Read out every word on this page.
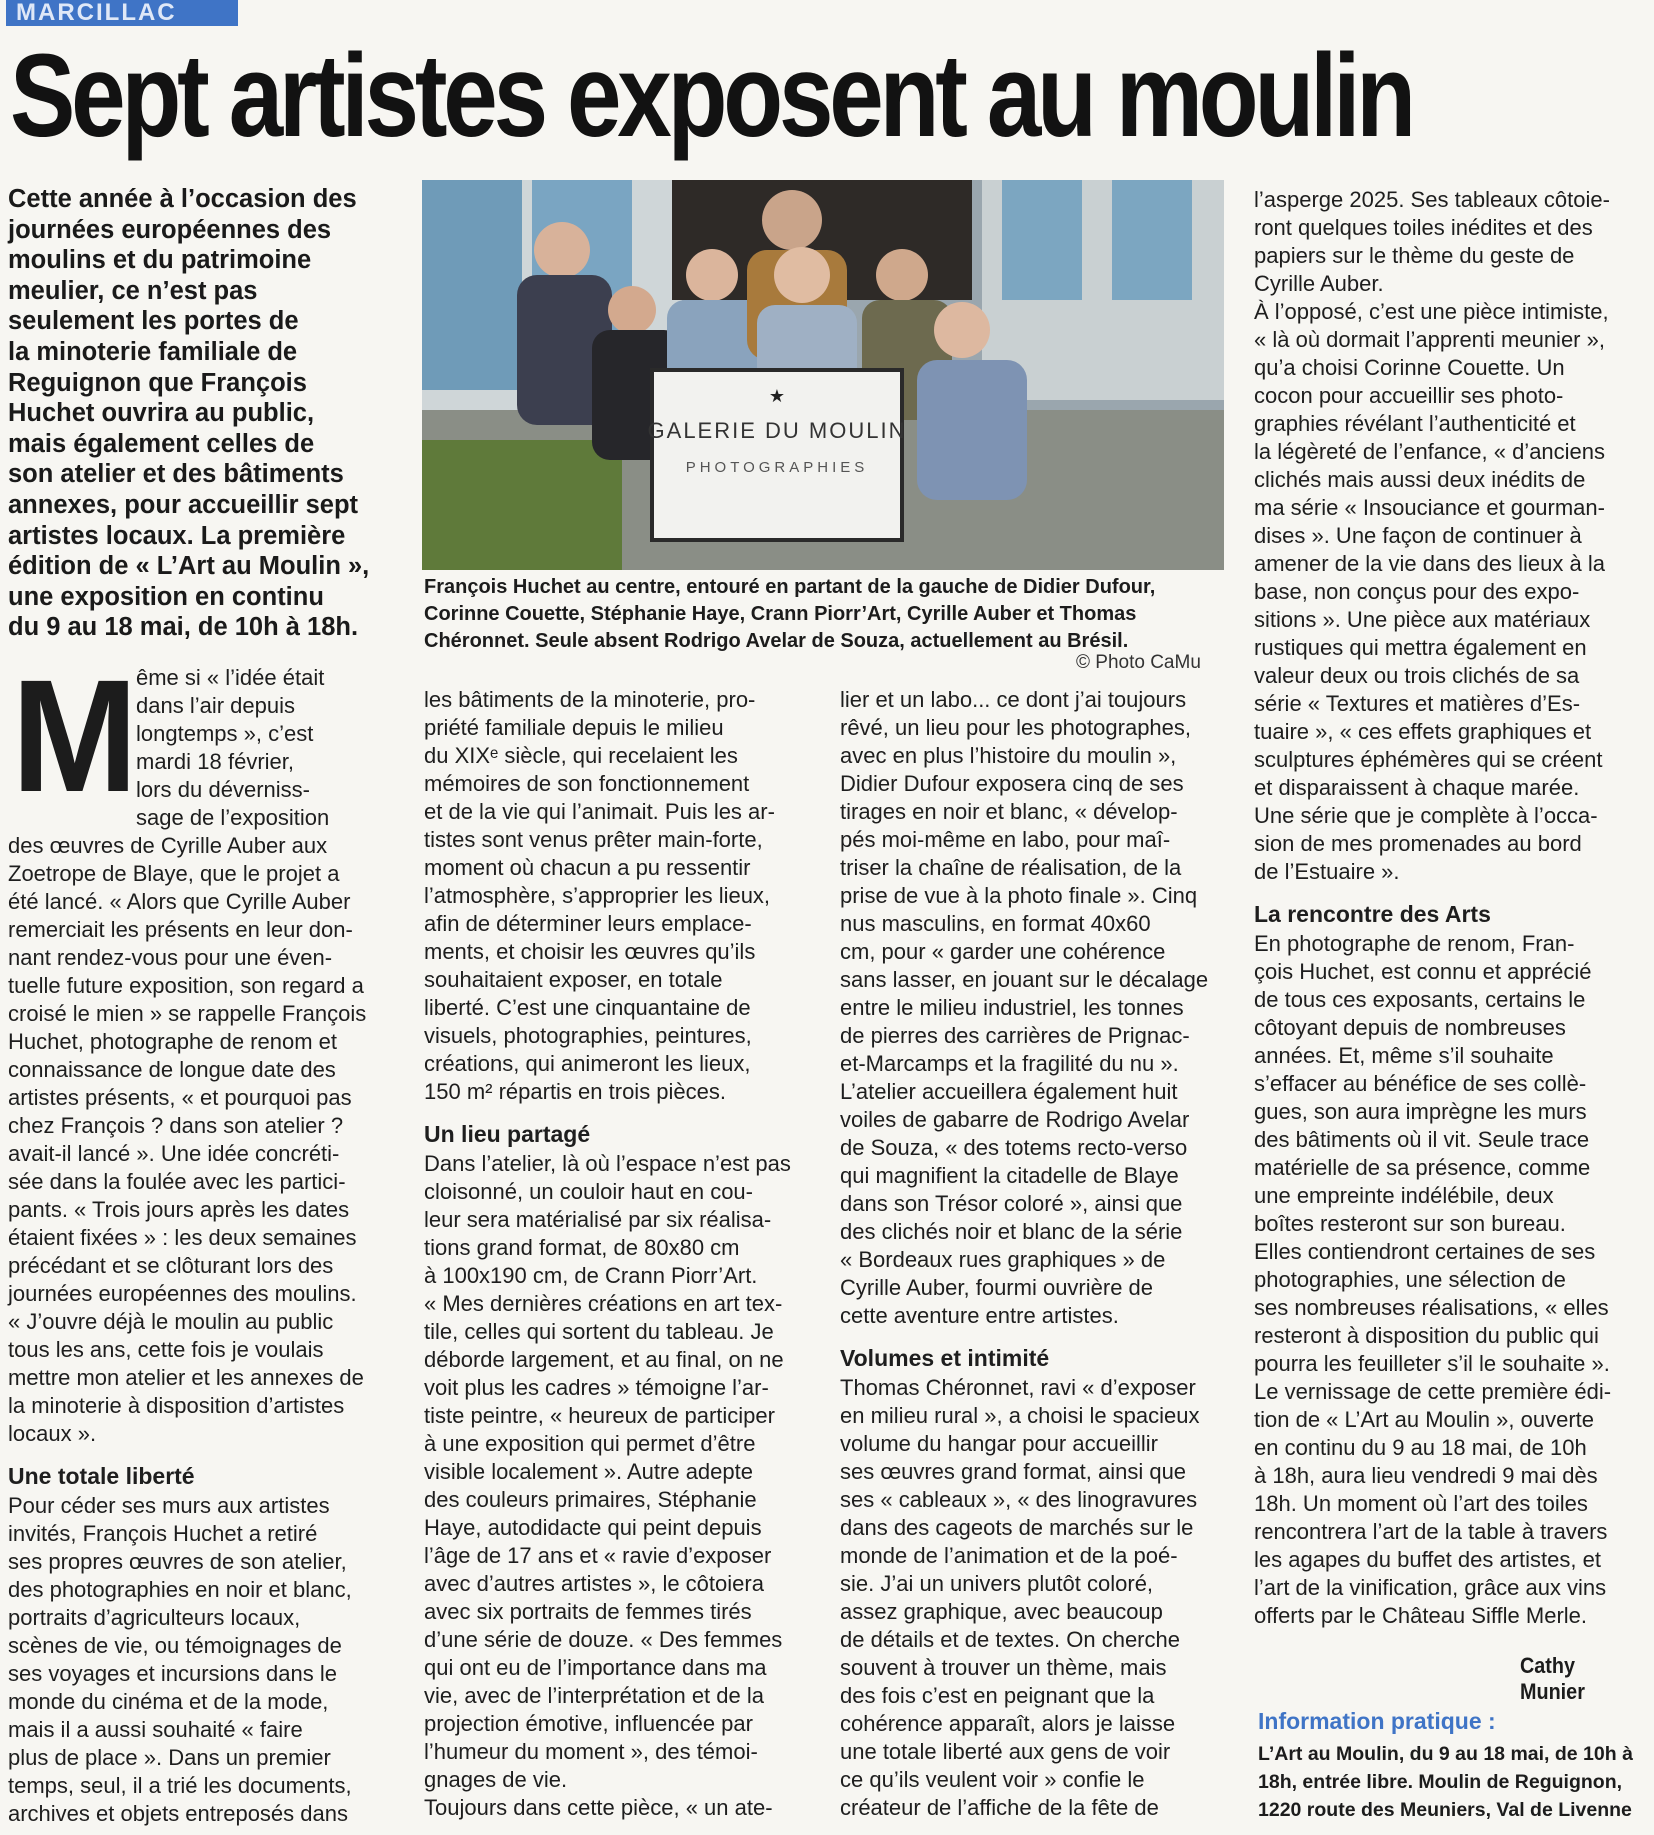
MARCILLAC
Sept artistes exposent au moulin
Cette année à l’occasion des
journées européennes des
moulins et du patrimoine
meulier, ce n’est pas
seulement les portes de
la minoterie familiale de
Reguignon que François
Huchet ouvrira au public,
mais également celles de
son atelier et des bâtiments
annexes, pour accueillir sept
artistes locaux. La première
édition de « L’Art au Moulin »,
une exposition en continu
du 9 au 18 mai, de 10h à 18h.
★
GALERIE DU MOULIN
PHOTOGRAPHIES
François Huchet au centre, entouré en partant de la gauche de Didier Dufour,
Corinne Couette, Stéphanie Haye, Crann Piorr’Art, Cyrille Auber et Thomas
Chéronnet. Seule absent Rodrigo Avelar de Souza, actuellement au Brésil.
© Photo CaMu
M
ême si « l’idée était
dans l’air depuis
longtemps », c’est
mardi 18 février,
lors du déverniss-
sage de l’exposition
des œuvres de Cyrille Auber aux
Zoetrope de Blaye, que le projet a
été lancé. « Alors que Cyrille Auber
remerciait les présents en leur don-
nant rendez-vous pour une éven-
tuelle future exposition, son regard a
croisé le mien » se rappelle François
Huchet, photographe de renom et
connaissance de longue date des
artistes présents, « et pourquoi pas
chez François ? dans son atelier ?
avait-il lancé ». Une idée concréti-
sée dans la foulée avec les partici-
pants. « Trois jours après les dates
étaient fixées » : les deux semaines
précédant et se clôturant lors des
journées européennes des moulins.
« J’ouvre déjà le moulin au public
tous les ans, cette fois je voulais
mettre mon atelier et les annexes de
la minoterie à disposition d’artistes
locaux ».
Une totale liberté
Pour céder ses murs aux artistes
invités, François Huchet a retiré
ses propres œuvres de son atelier,
des photographies en noir et blanc,
portraits d’agriculteurs locaux,
scènes de vie, ou témoignages de
ses voyages et incursions dans le
monde du cinéma et de la mode,
mais il a aussi souhaité « faire
plus de place ». Dans un premier
temps, seul, il a trié les documents,
archives et objets entreposés dans
les bâtiments de la minoterie, pro-
priété familiale depuis le milieu
du XIXᵉ siècle, qui recelaient les
mémoires de son fonctionnement
et de la vie qui l’animait. Puis les ar-
tistes sont venus prêter main-forte,
moment où chacun a pu ressentir
l’atmosphère, s’approprier les lieux,
afin de déterminer leurs emplace-
ments, et choisir les œuvres qu’ils
souhaitaient exposer, en totale
liberté. C’est une cinquantaine de
visuels, photographies, peintures,
créations, qui animeront les lieux,
150 m² répartis en trois pièces.
Un lieu partagé
Dans l’atelier, là où l’espace n’est pas
cloisonné, un couloir haut en cou-
leur sera matérialisé par six réalisa-
tions grand format, de 80x80 cm
à 100x190 cm, de Crann Piorr’Art.
« Mes dernières créations en art tex-
tile, celles qui sortent du tableau. Je
déborde largement, et au final, on ne
voit plus les cadres » témoigne l’ar-
tiste peintre, « heureux de participer
à une exposition qui permet d’être
visible localement ». Autre adepte
des couleurs primaires, Stéphanie
Haye, autodidacte qui peint depuis
l’âge de 17 ans et « ravie d’exposer
avec d’autres artistes », le côtoiera
avec six portraits de femmes tirés
d’une série de douze. « Des femmes
qui ont eu de l’importance dans ma
vie, avec de l’interprétation et de la
projection émotive, influencée par
l’humeur du moment », des témoi-
gnages de vie.
Toujours dans cette pièce, « un ate-
lier et un labo... ce dont j’ai toujours
rêvé, un lieu pour les photographes,
avec en plus l’histoire du moulin »,
Didier Dufour exposera cinq de ses
tirages en noir et blanc, « dévelop-
pés moi-même en labo, pour maî-
triser la chaîne de réalisation, de la
prise de vue à la photo finale ». Cinq
nus masculins, en format 40x60
cm, pour « garder une cohérence
sans lasser, en jouant sur le décalage
entre le milieu industriel, les tonnes
de pierres des carrières de Prignac-
et-Marcamps et la fragilité du nu ».
L’atelier accueillera également huit
voiles de gabarre de Rodrigo Avelar
de Souza, « des totems recto-verso
qui magnifient la citadelle de Blaye
dans son Trésor coloré », ainsi que
des clichés noir et blanc de la série
« Bordeaux rues graphiques » de
Cyrille Auber, fourmi ouvrière de
cette aventure entre artistes.
Volumes et intimité
Thomas Chéronnet, ravi « d’exposer
en milieu rural », a choisi le spacieux
volume du hangar pour accueillir
ses œuvres grand format, ainsi que
ses « cableaux », « des linogravures
dans des cageots de marchés sur le
monde de l’animation et de la poé-
sie. J’ai un univers plutôt coloré,
assez graphique, avec beaucoup
de détails et de textes. On cherche
souvent à trouver un thème, mais
des fois c’est en peignant que la
cohérence apparaît, alors je laisse
une totale liberté aux gens de voir
ce qu’ils veulent voir » confie le
créateur de l’affiche de la fête de
l’asperge 2025. Ses tableaux côtoie-
ront quelques toiles inédites et des
papiers sur le thème du geste de
Cyrille Auber.
À l’opposé, c’est une pièce intimiste,
« là où dormait l’apprenti meunier »,
qu’a choisi Corinne Couette. Un
cocon pour accueillir ses photo-
graphies révélant l’authenticité et
la légèreté de l’enfance, « d’anciens
clichés mais aussi deux inédits de
ma série « Insouciance et gourman-
dises ». Une façon de continuer à
amener de la vie dans des lieux à la
base, non conçus pour des expo-
sitions ». Une pièce aux matériaux
rustiques qui mettra également en
valeur deux ou trois clichés de sa
série « Textures et matières d’Es-
tuaire », « ces effets graphiques et
sculptures éphémères qui se créent
et disparaissent à chaque marée.
Une série que je complète à l’occa-
sion de mes promenades au bord
de l’Estuaire ».
La rencontre des Arts
En photographe de renom, Fran-
çois Huchet, est connu et apprécié
de tous ces exposants, certains le
côtoyant depuis de nombreuses
années. Et, même s’il souhaite
s’effacer au bénéfice de ses collè-
gues, son aura imprègne les murs
des bâtiments où il vit. Seule trace
matérielle de sa présence, comme
une empreinte indélébile, deux
boîtes resteront sur son bureau.
Elles contiendront certaines de ses
photographies, une sélection de
ses nombreuses réalisations, « elles
resteront à disposition du public qui
pourra les feuilleter s’il le souhaite ».
Le vernissage de cette première édi-
tion de « L’Art au Moulin », ouverte
en continu du 9 au 18 mai, de 10h
à 18h, aura lieu vendredi 9 mai dès
18h. Un moment où l’art des toiles
rencontrera l’art de la table à travers
les agapes du buffet des artistes, et
l’art de la vinification, grâce aux vins
offerts par le Château Siffle Merle.
Cathy Munier
Information pratique :
L’Art au Moulin, du 9 au 18 mai, de 10h à
18h, entrée libre. Moulin de Reguignon,
1220 route des Meuniers, Val de Livenne
